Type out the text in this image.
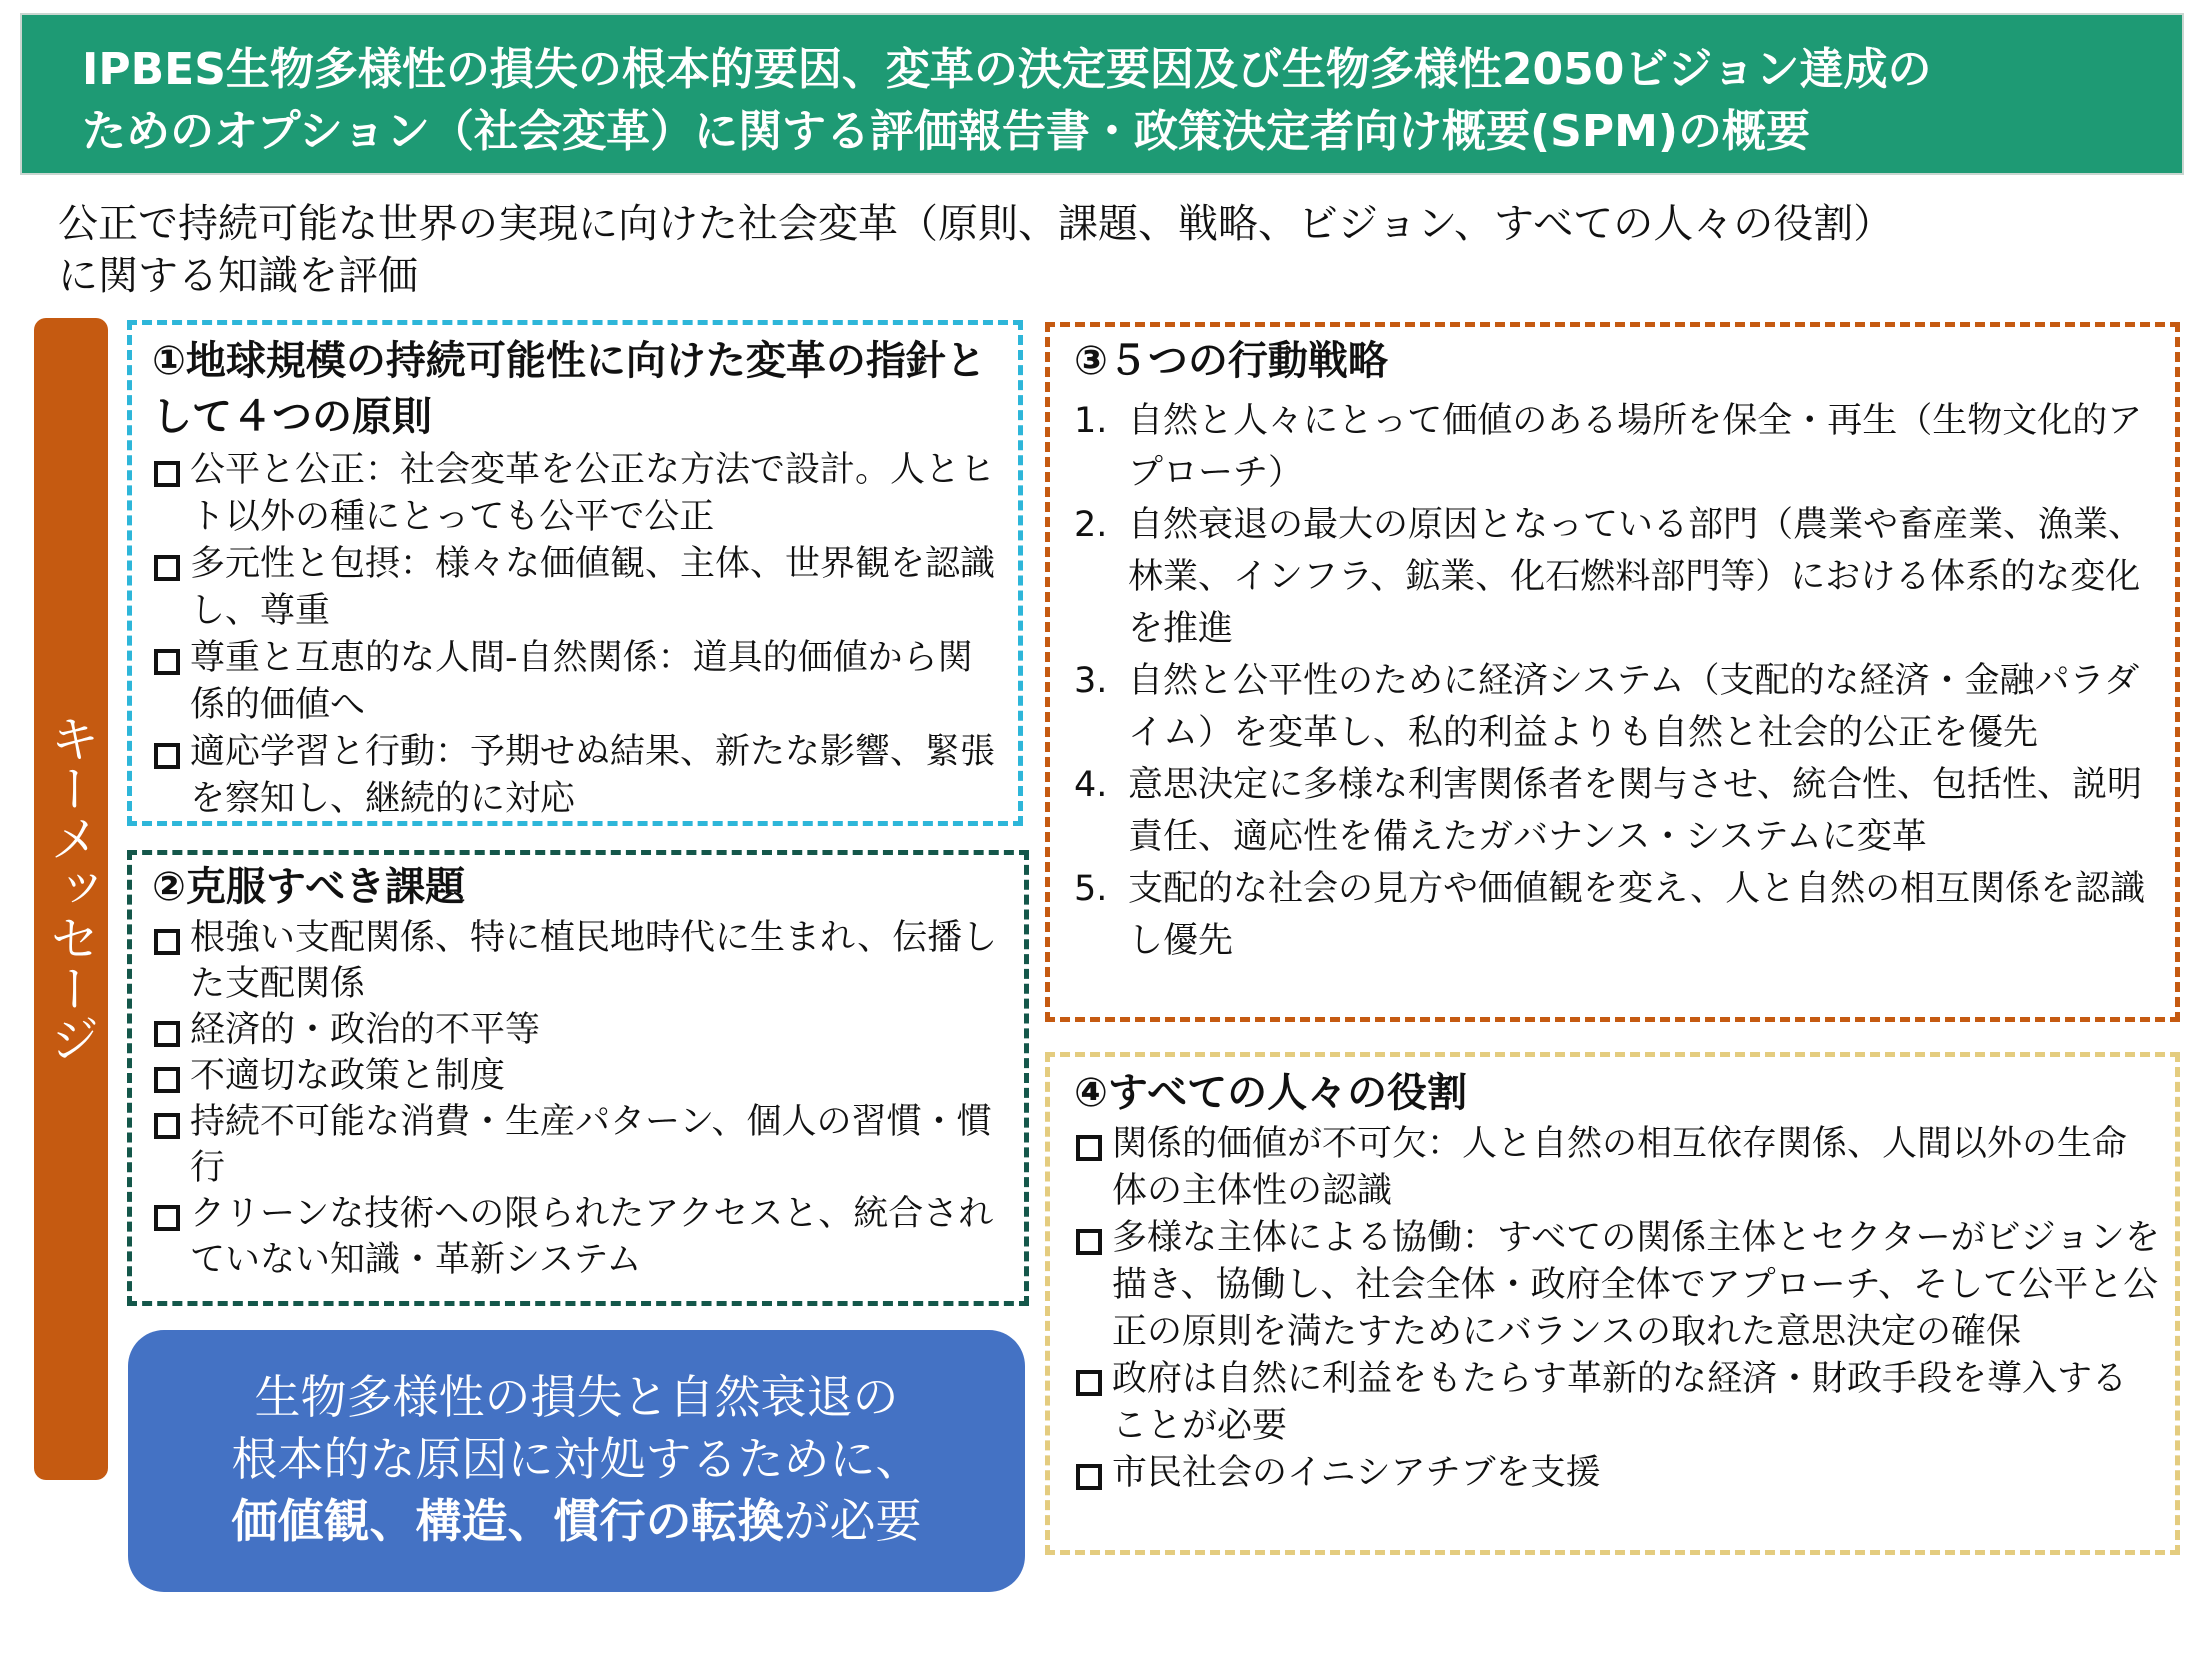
IPBES生物多様性の損失の根本的要因、変革の決定要因及び生物多様性2050ビジョン達成の
ためのオプション（社会変革）に関する評価報告書・政策決定者向け概要(SPM)の概要
公正で持続可能な世界の実現に向けた社会変革（原則、課題、戦略、ビジョン、すべての人々の役割）
に関する知識を評価
キーメッセージ
①地球規模の持続可能性に向けた変革の指針として４つの原則
公平と公正：社会変革を公正な方法で設計。人とヒト以外の種にとっても公平で公正
多元性と包摂：様々な価値観、主体、世界観を認識し、尊重
尊重と互恵的な人間-自然関係：道具的価値から関係的価値へ
適応学習と行動：予期せぬ結果、新たな影響、緊張を察知し、継続的に対応
②克服すべき課題
根強い支配関係、特に植民地時代に生まれ、伝播した支配関係
経済的・政治的不平等
不適切な政策と制度
持続不可能な消費・生産パターン、個人の習慣・慣行
クリーンな技術への限られたアクセスと、統合されていない知識・革新システム
③５つの行動戦略
1. 自然と人々にとって価値のある場所を保全・再生（生物文化的アプローチ）
2. 自然衰退の最大の原因となっている部門（農業や畜産業、漁業、林業、インフラ、鉱業、化石燃料部門等）における体系的な変化を推進
3. 自然と公平性のために経済システム（支配的な経済・金融パラダイム）を変革し、私的利益よりも自然と社会的公正を優先
4. 意思決定に多様な利害関係者を関与させ、統合性、包括性、説明責任、適応性を備えたガバナンス・システムに変革
5. 支配的な社会の見方や価値観を変え、人と自然の相互関係を認識し優先
④すべての人々の役割
関係的価値が不可欠：人と自然の相互依存関係、人間以外の生命体の主体性の認識
多様な主体による協働：すべての関係主体とセクターがビジョンを描き、協働し、社会全体・政府全体でアプローチ、そして公平と公正の原則を満たすためにバランスの取れた意思決定の確保
政府は自然に利益をもたらす革新的な経済・財政手段を導入することが必要
市民社会のイニシアチブを支援
生物多様性の損失と自然衰退の
根本的な原因に対処するために、
価値観、構造、慣行の転換が必要
